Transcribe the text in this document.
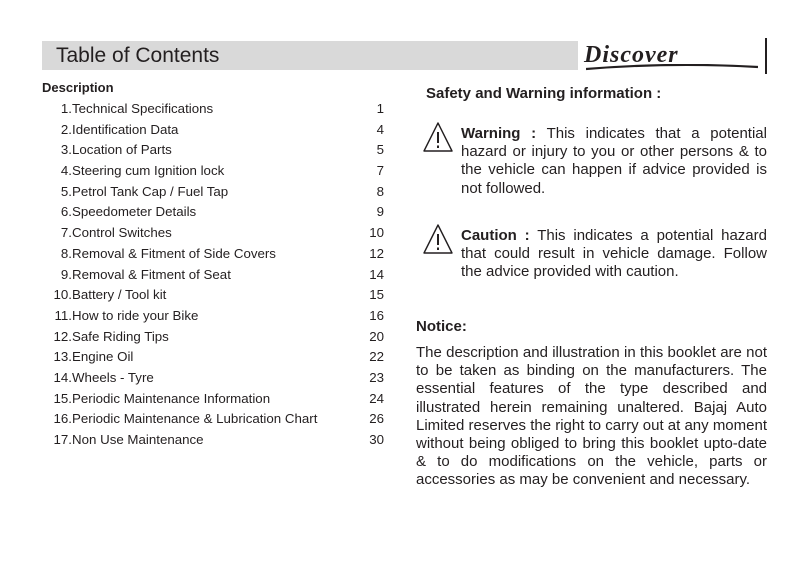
Table of Contents	Discover
Description
1. Technical Specifications	1
2. Identification Data	4
3. Location of Parts	5
4. Steering cum Ignition lock	7
5. Petrol Tank Cap / Fuel Tap	8
6. Speedometer Details	9
7. Control Switches	10
8. Removal & Fitment of Side Covers	12
9. Removal & Fitment of Seat	14
10. Battery / Tool kit	15
11. How to ride your Bike	16
12. Safe Riding Tips	20
13. Engine Oil	22
14. Wheels - Tyre	23
15. Periodic Maintenance Information	24
16. Periodic Maintenance & Lubrication Chart	26
17. Non Use Maintenance	30
Safety and Warning information :
Warning : This indicates that a potential hazard or injury to you or other persons & to the vehicle can happen if advice provided is not followed.
Caution : This indicates a potential hazard that could result in vehicle damage. Follow the advice provided with caution.
Notice:
The description and illustration in this booklet are not to be taken as binding on the manufacturers. The essential features of the type described and illustrated herein remaining unaltered. Bajaj Auto Limited reserves the right to carry out at any moment without being obliged to bring this booklet upto-date & to do modifications on the vehicle, parts or accessories as may be convenient and necessary.
